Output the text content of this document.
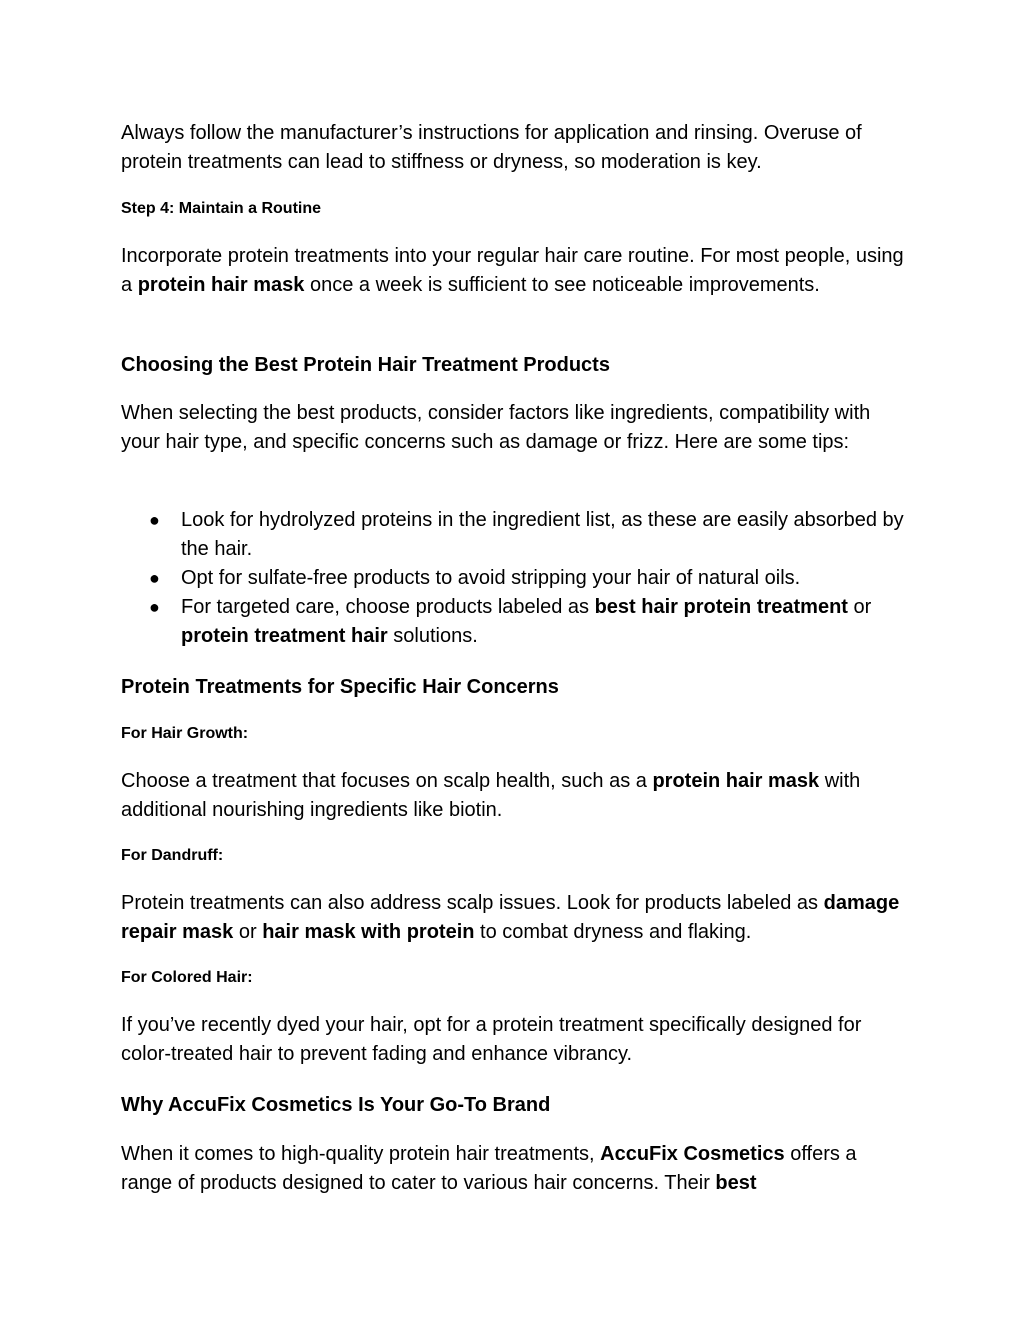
Always follow the manufacturer’s instructions for application and rinsing. Overuse of protein treatments can lead to stiffness or dryness, so moderation is key.

Step 4: Maintain a Routine

Incorporate protein treatments into your regular hair care routine. For most people, using a protein hair mask once a week is sufficient to see noticeable improvements.

Choosing the Best Protein Hair Treatment Products

When selecting the best products, consider factors like ingredients, compatibility with your hair type, and specific concerns such as damage or frizz. Here are some tips:

● Look for hydrolyzed proteins in the ingredient list, as these are easily absorbed by the hair.
● Opt for sulfate-free products to avoid stripping your hair of natural oils.
● For targeted care, choose products labeled as best hair protein treatment or protein treatment hair solutions.
Protein Treatments for Specific Hair Concerns
For Hair Growth:

Choose a treatment that focuses on scalp health, such as a protein hair mask with additional nourishing ingredients like biotin.

For Dandruff:

Protein treatments can also address scalp issues. Look for products labeled as damage repair mask or hair mask with protein to combat dryness and flaking.

For Colored Hair:

If you’ve recently dyed your hair, opt for a protein treatment specifically designed for color-treated hair to prevent fading and enhance vibrancy.

Why AccuFix Cosmetics Is Your Go-To Brand

When it comes to high-quality protein hair treatments, AccuFix Cosmetics offers a range of products designed to cater to various hair concerns. Their best
